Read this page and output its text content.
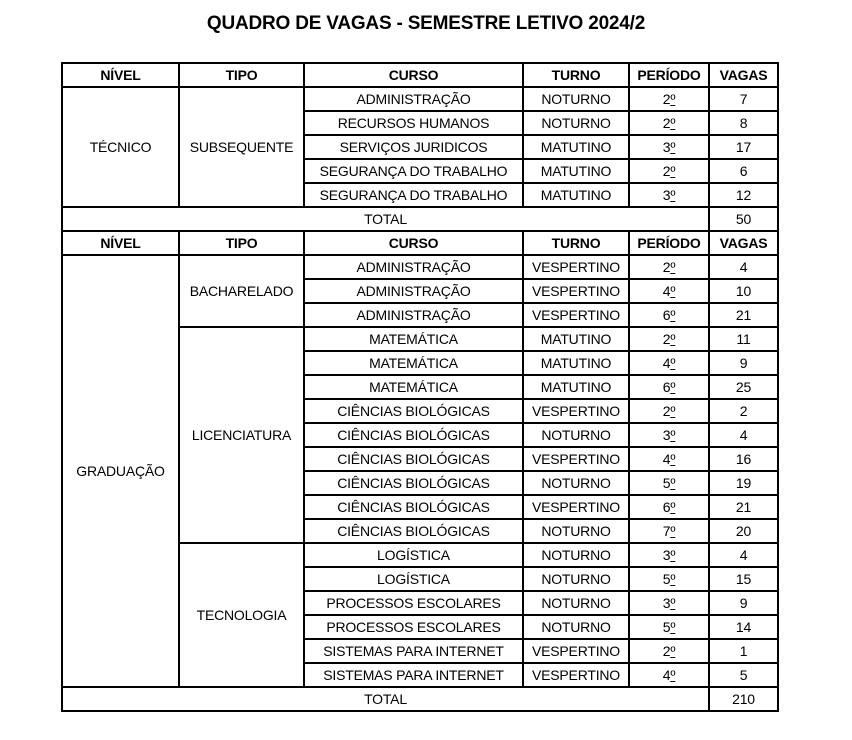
QUADRO DE VAGAS - SEMESTRE LETIVO 2024/2
NÍVEL	TIPO	CURSO	TURNO	PERÍODO	VAGAS
TÉCNICO	SUBSEQUENTE	ADMINISTRAÇÃO	NOTURNO	2º	7
		RECURSOS HUMANOS	NOTURNO	2º	8
		SERVIÇOS JURIDICOS	MATUTINO	3º	17
		SEGURANÇA DO TRABALHO	MATUTINO	2º	6
		SEGURANÇA DO TRABALHO	MATUTINO	3º	12
TOTAL					50
NÍVEL	TIPO	CURSO	TURNO	PERÍODO	VAGAS
GRADUAÇÃO	BACHARELADO	ADMINISTRAÇÃO	VESPERTINO	2º	4
		ADMINISTRAÇÃO	VESPERTINO	4º	10
		ADMINISTRAÇÃO	VESPERTINO	6º	21
	LICENCIATURA	MATEMÁTICA	MATUTINO	2º	11
		MATEMÁTICA	MATUTINO	4º	9
		MATEMÁTICA	MATUTINO	6º	25
		CIÊNCIAS BIOLÓGICAS	VESPERTINO	2º	2
		CIÊNCIAS BIOLÓGICAS	NOTURNO	3º	4
		CIÊNCIAS BIOLÓGICAS	VESPERTINO	4º	16
		CIÊNCIAS BIOLÓGICAS	NOTURNO	5º	19
		CIÊNCIAS BIOLÓGICAS	VESPERTINO	6º	21
		CIÊNCIAS BIOLÓGICAS	NOTURNO	7º	20
	TECNOLOGIA	LOGÍSTICA	NOTURNO	3º	4
		LOGÍSTICA	NOTURNO	5º	15
		PROCESSOS ESCOLARES	NOTURNO	3º	9
		PROCESSOS ESCOLARES	NOTURNO	5º	14
		SISTEMAS PARA INTERNET	VESPERTINO	2º	1
		SISTEMAS PARA INTERNET	VESPERTINO	4º	5
TOTAL					210
